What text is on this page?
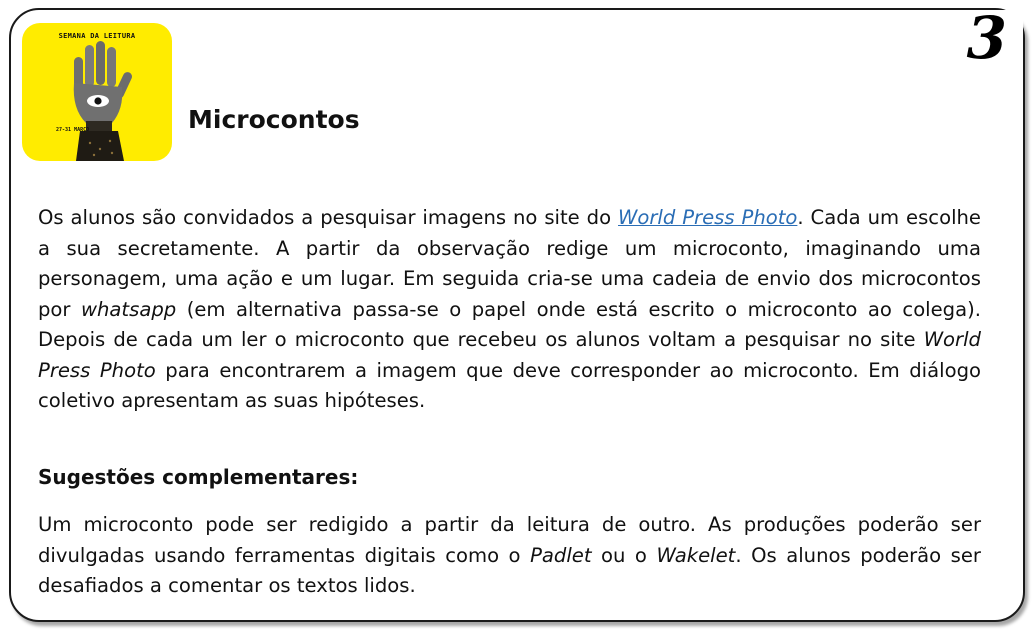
3
SEMANA DA LEITURA
27-31 MARÇO	Microcontos

Os alunos são convidados a pesquisar imagens no site do World Press Photo. Cada um escolhe a sua secretamente. A partir da observação redige um microconto, imaginando uma personagem, uma ação e um lugar. Em seguida cria-se uma cadeia de envio dos microcontos por whatsapp (em alternativa passa-se o papel onde está escrito o microconto ao colega). Depois de cada um ler o microconto que recebeu os alunos voltam a pesquisar no site World Press Photo para encontrarem a imagem que deve corresponder ao microconto. Em diálogo coletivo apresentam as suas hipóteses.

Sugestões complementares:

Um microconto pode ser redigido a partir da leitura de outro. As produções poderão ser divulgadas usando ferramentas digitais como o Padlet ou o Wakelet. Os alunos poderão ser desafiados a comentar os textos lidos.
